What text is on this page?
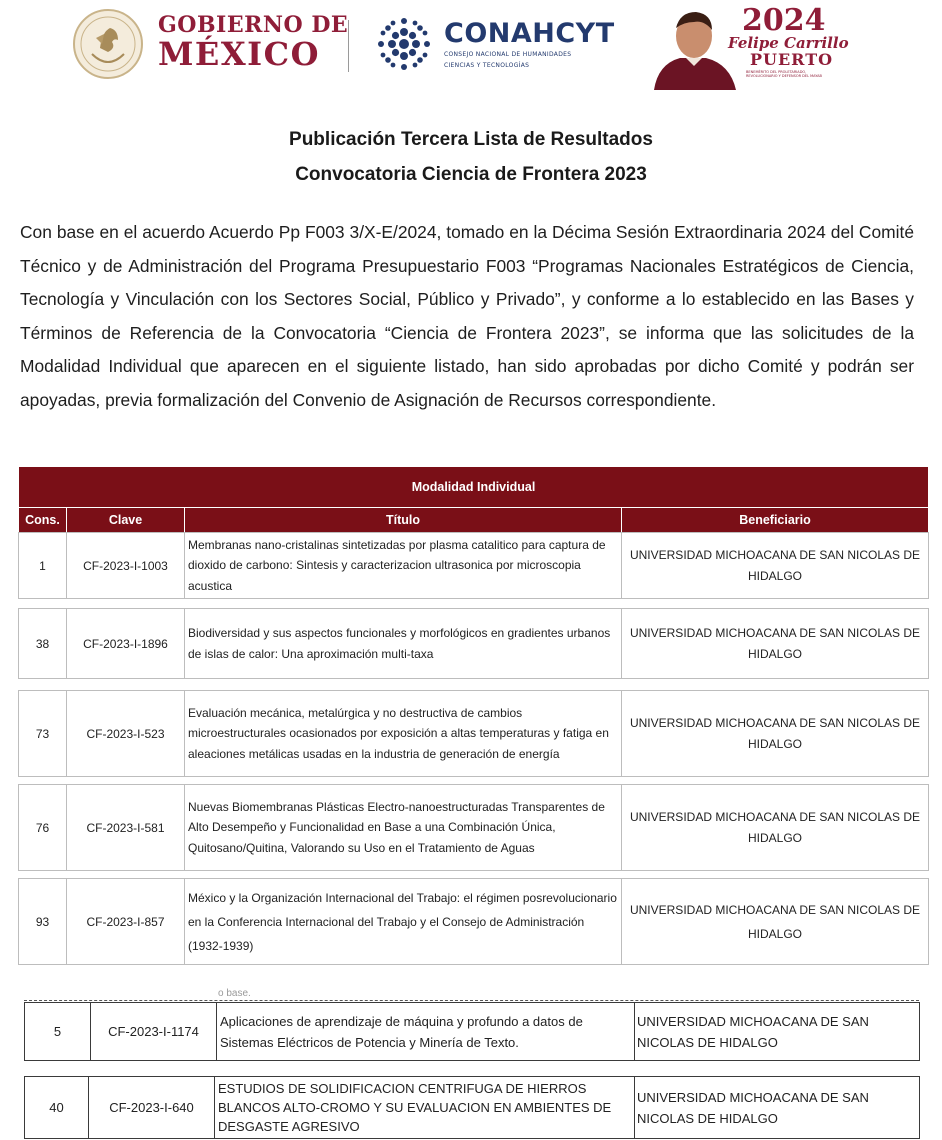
GOBIERNO DE
MÉXICO
CONAHCYT
CONSEJO NACIONAL DE HUMANIDADES
CIENCIAS Y TECNOLOGÍAS
2024
Felipe Carrillo
PUERTO
BENEMÉRITO DEL PROLETARIADO, REVOLUCIONARIO Y DEFENSOR DEL MAYAB
Publicación Tercera Lista de Resultados
Convocatoria Ciencia de Frontera 2023

Con base en el acuerdo Acuerdo Pp F003 3/X-E/2024, tomado en la Décima Sesión Extraordinaria 2024 del Comité Técnico y de Administración del Programa Presupuestario F003 “Programas Nacionales Estratégicos de Ciencia, Tecnología y Vinculación con los Sectores Social, Público y Privado”, y conforme a lo establecido en las Bases y Términos de Referencia de la Convocatoria “Ciencia de Frontera 2023”, se informa que las solicitudes de la Modalidad Individual que aparecen en el siguiente listado, han sido aprobadas por dicho Comité y podrán ser apoyadas, previa formalización del Convenio de Asignación de Recursos correspondiente.

Modalidad Individual
Cons.	Clave	Título	Beneficiario
1	CF-2023-I-1003	Membranas nano-cristalinas sintetizadas por plasma catalitico para captura de dioxido de carbono: Sintesis y caracterizacion ultrasonica por microscopia acustica	UNIVERSIDAD MICHOACANA DE SAN NICOLAS DE HIDALGO
38	CF-2023-I-1896	Biodiversidad y sus aspectos funcionales y morfológicos en gradientes urbanos de islas de calor: Una aproximación multi-taxa	UNIVERSIDAD MICHOACANA DE SAN NICOLAS DE HIDALGO
73	CF-2023-I-523	Evaluación mecánica, metalúrgica y no destructiva de cambios microestructurales ocasionados por exposición a altas temperaturas y fatiga en aleaciones metálicas usadas en la industria de generación de energía	UNIVERSIDAD MICHOACANA DE SAN NICOLAS DE HIDALGO
76	CF-2023-I-581	Nuevas Biomembranas Plásticas Electro-nanoestructuradas Transparentes de Alto Desempeño y Funcionalidad en Base a una Combinación Única, Quitosano/Quitina, Valorando su Uso en el Tratamiento de Aguas	UNIVERSIDAD MICHOACANA DE SAN NICOLAS DE HIDALGO
93	CF-2023-I-857	México y la Organización Internacional del Trabajo: el régimen posrevolucionario en la Conferencia Internacional del Trabajo y el Consejo de Administración (1932-1939)	UNIVERSIDAD MICHOACANA DE SAN NICOLAS DE HIDALGO
o base.
5	CF-2023-I-1174	Aplicaciones de aprendizaje de máquina y profundo a datos de Sistemas Eléctricos de Potencia y Minería de Texto.	UNIVERSIDAD MICHOACANA DE SAN NICOLAS DE HIDALGO
40	CF-2023-I-640	ESTUDIOS DE SOLIDIFICACION CENTRIFUGA DE HIERROS BLANCOS ALTO-CROMO Y SU EVALUACION EN AMBIENTES DE DESGASTE AGRESIVO	UNIVERSIDAD MICHOACANA DE SAN NICOLAS DE HIDALGO
